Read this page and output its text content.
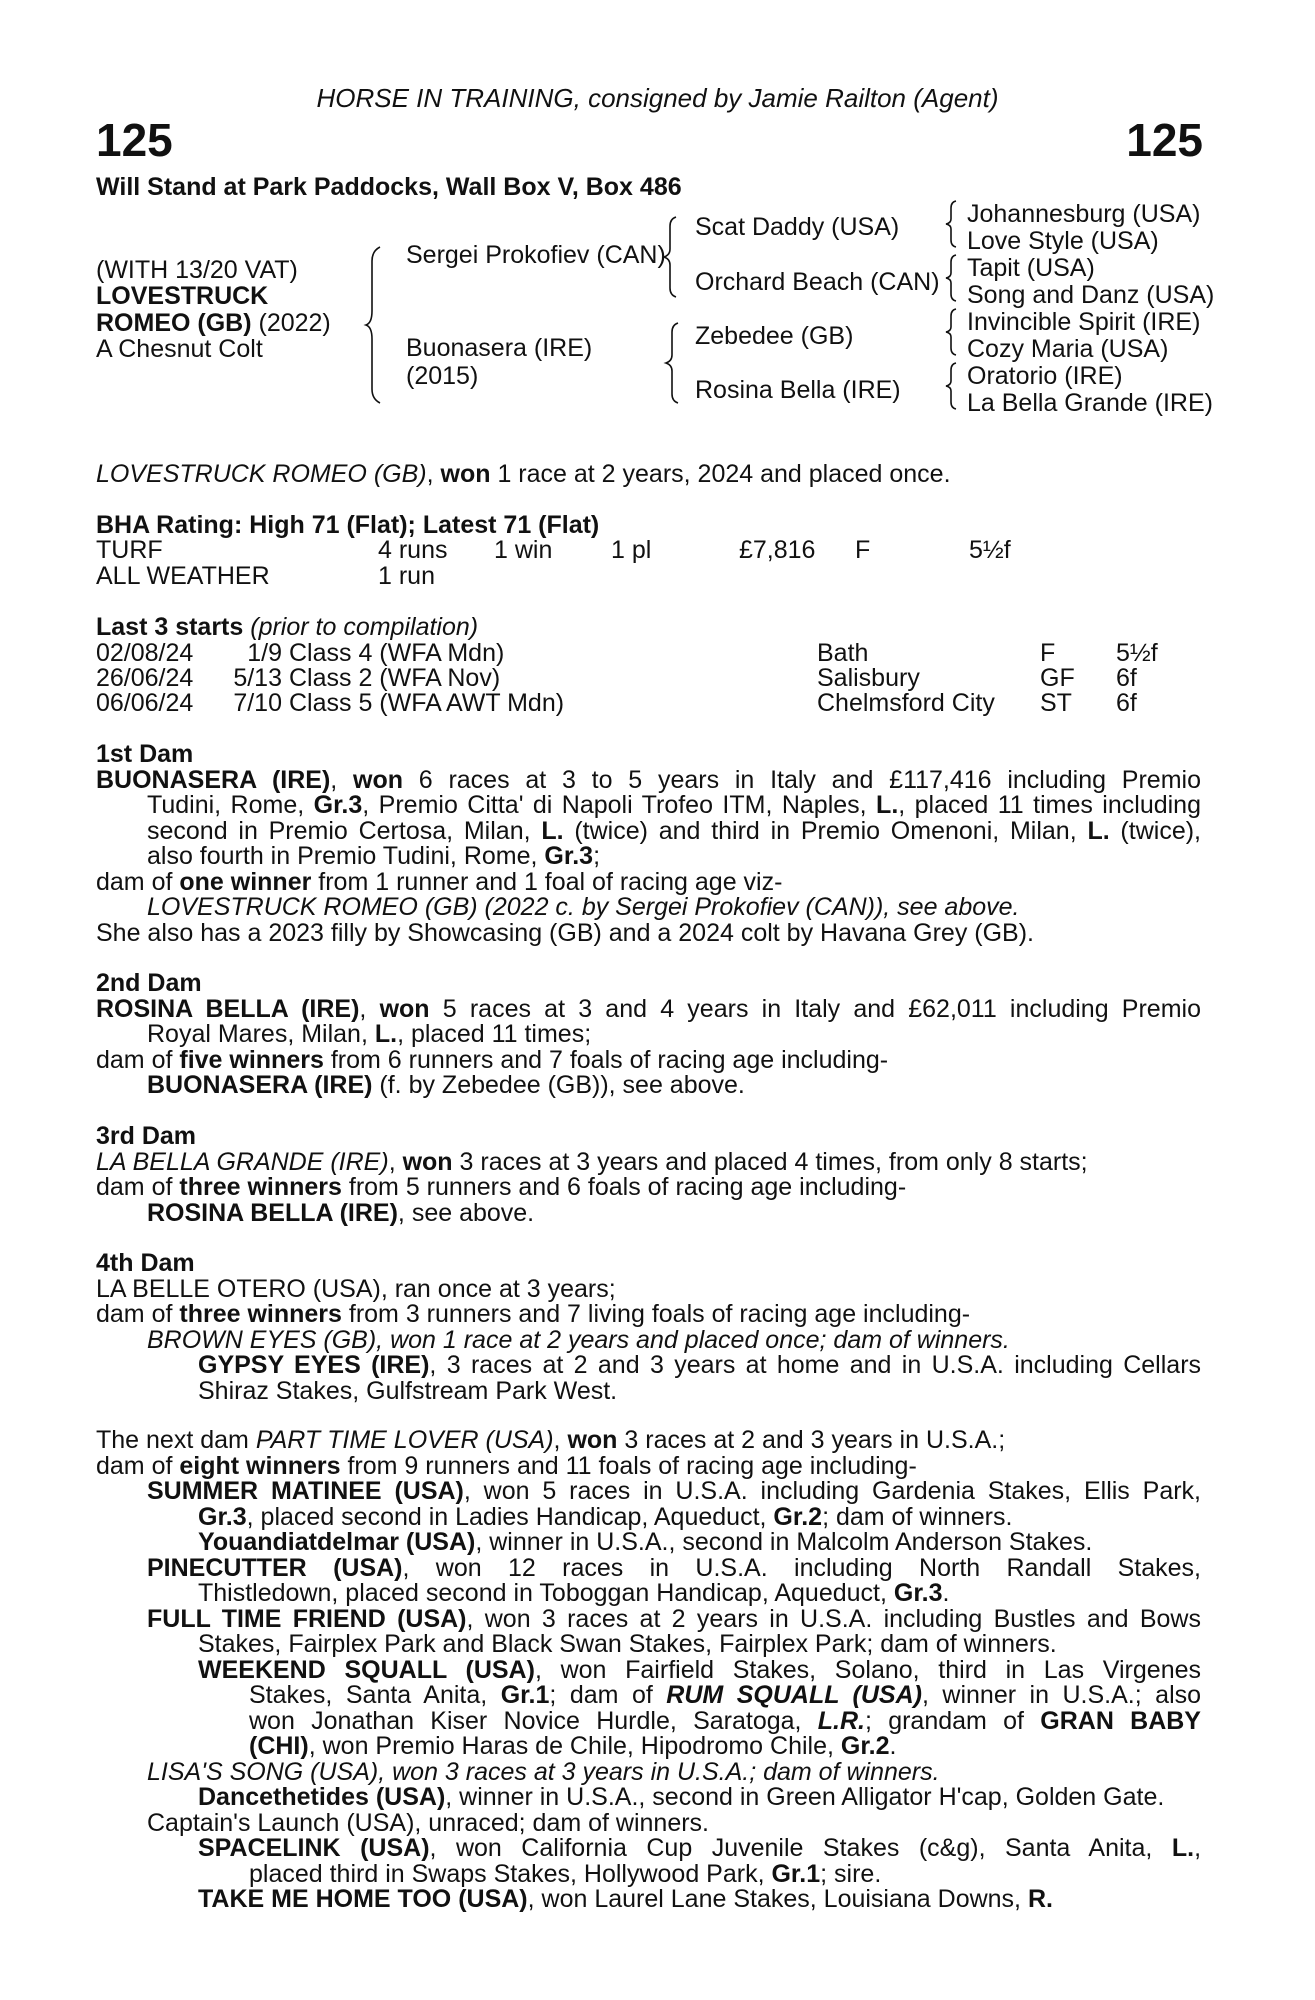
HORSE IN TRAINING, consigned by Jamie Railton (Agent)
125	125
Will Stand at Park Paddocks, Wall Box V, Box 486
(WITH 13/20 VAT)
LOVESTRUCK
ROMEO (GB) (2022)
A Chesnut Colt
Sergei Prokofiev (CAN)
Buonasera (IRE)
(2015)
Scat Daddy (USA)
Orchard Beach (CAN)
Zebedee (GB)
Rosina Bella (IRE)
Johannesburg (USA)
Love Style (USA)
Tapit (USA)
Song and Danz (USA)
Invincible Spirit (IRE)
Cozy Maria (USA)
Oratorio (IRE)
La Bella Grande (IRE)
LOVESTRUCK ROMEO (GB), won 1 race at 2 years, 2024 and placed once.
BHA Rating: High 71 (Flat); Latest 71 (Flat)
TURF	4 runs 1 win 1 pl	£7,816 F	5½f
ALL WEATHER	1 run
Last 3 starts (prior to compilation)
02/08/24	1/9 Class 4 (WFA Mdn)	Bath	F 5½f
26/06/24 5/13 Class 2 (WFA Nov)	Salisbury	GF 6f
06/06/24 7/10 Class 5 (WFA AWT Mdn)	Chelmsford City ST 6f
1st Dam
BUONASERA (IRE), won 6 races at 3 to 5 years in Italy and £117,416 including Premio
Tudini, Rome, Gr.3, Premio Citta' di Napoli Trofeo ITM, Naples, L., placed 11 times including
second in Premio Certosa, Milan, L. (twice) and third in Premio Omenoni, Milan, L. (twice),
also fourth in Premio Tudini, Rome, Gr.3;
dam of one winner from 1 runner and 1 foal of racing age viz-
LOVESTRUCK ROMEO (GB) (2022 c. by Sergei Prokofiev (CAN)), see above.
She also has a 2023 filly by Showcasing (GB) and a 2024 colt by Havana Grey (GB).
2nd Dam
ROSINA BELLA (IRE), won 5 races at 3 and 4 years in Italy and £62,011 including Premio
Royal Mares, Milan, L., placed 11 times;
dam of five winners from 6 runners and 7 foals of racing age including-
BUONASERA (IRE) (f. by Zebedee (GB)), see above.
3rd Dam
LA BELLA GRANDE (IRE), won 3 races at 3 years and placed 4 times, from only 8 starts;
dam of three winners from 5 runners and 6 foals of racing age including-
ROSINA BELLA (IRE), see above.
4th Dam
LA BELLE OTERO (USA), ran once at 3 years;
dam of three winners from 3 runners and 7 living foals of racing age including-
BROWN EYES (GB), won 1 race at 2 years and placed once; dam of winners.
GYPSY EYES (IRE), 3 races at 2 and 3 years at home and in U.S.A. including Cellars
Shiraz Stakes, Gulfstream Park West.
The next dam PART TIME LOVER (USA), won 3 races at 2 and 3 years in U.S.A.;
dam of eight winners from 9 runners and 11 foals of racing age including-
SUMMER MATINEE (USA), won 5 races in U.S.A. including Gardenia Stakes, Ellis Park,
Gr.3, placed second in Ladies Handicap, Aqueduct, Gr.2; dam of winners.
Youandiatdelmar (USA), winner in U.S.A., second in Malcolm Anderson Stakes.
PINECUTTER (USA), won 12 races in U.S.A. including North Randall Stakes,
Thistledown, placed second in Toboggan Handicap, Aqueduct, Gr.3.
FULL TIME FRIEND (USA), won 3 races at 2 years in U.S.A. including Bustles and Bows
Stakes, Fairplex Park and Black Swan Stakes, Fairplex Park; dam of winners.
WEEKEND SQUALL (USA), won Fairfield Stakes, Solano, third in Las Virgenes
Stakes, Santa Anita, Gr.1; dam of RUM SQUALL (USA), winner in U.S.A.; also
won Jonathan Kiser Novice Hurdle, Saratoga, L.R.; grandam of GRAN BABY
(CHI), won Premio Haras de Chile, Hipodromo Chile, Gr.2.
LISA'S SONG (USA), won 3 races at 3 years in U.S.A.; dam of winners.
Dancethetides (USA), winner in U.S.A., second in Green Alligator H'cap, Golden Gate.
Captain's Launch (USA), unraced; dam of winners.
SPACELINK (USA), won California Cup Juvenile Stakes (c&g), Santa Anita, L.,
placed third in Swaps Stakes, Hollywood Park, Gr.1; sire.
TAKE ME HOME TOO (USA), won Laurel Lane Stakes, Louisiana Downs, R.
